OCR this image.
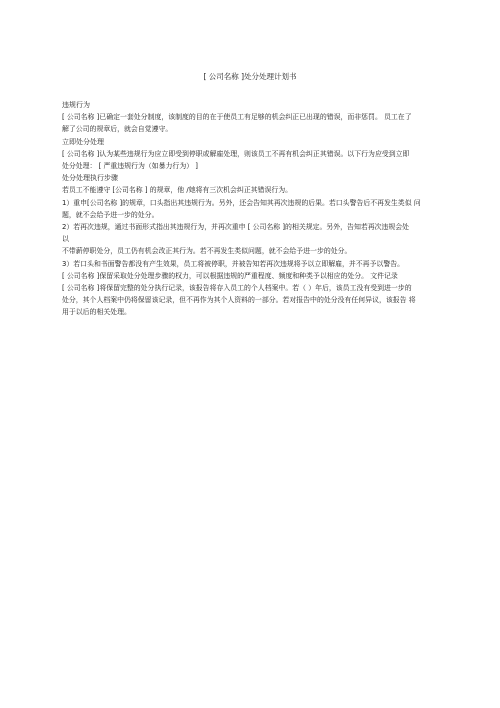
[ 公司名称 ]处分处理计划书
违规行为
[ 公司名称 ]已确定一套处分制度，该制度的目的在于使员工有足够的机会纠正已出现的错误，而非惩罚。 员工在了
解了公司的规章后，就会自觉遵守。
立即处分处理
[ 公司名称 ]认为某些违规行为应立即受到停职或解雇处理，则该员工不再有机会纠正其错误。以下行为应受到立即
处分处理： [ 严重违规行为（如暴力行为） ]
处分处理执行步骤
若员工不能遵守 [公司名称 ] 的规章，他 /她将有三次机会纠正其错误行为。
1）重申[公司名称 ]的规章，口头指出其违规行为。另外，还会告知其再次违规的后果。若口头警告后不再发生类似 问
题，就不会给予进一步的处分。
2）若再次违规，通过书面形式指出其违规行为，并再次重申 [ 公司名称 ]的相关规定。另外，告知若再次违规会处
以
不带薪停职处分，员工仍有机会改正其行为。若不再发生类似问题，就不会给予进一步的处分。
3）若口头和书面警告都没有产生效果，员工将被停职，并被告知若再次违规将予以立即解雇，并不再予以警告。
[ 公司名称 ]保留采取处分处理步骤的权力，可以根据违规的严重程度、频度和种类予以相应的处分。 文件记录
[ 公司名称 ]将保留完整的处分执行记录，该报告将存入员工的个人档案中。若（ ）年后，该员工没有受到进一步的
处分，其个人档案中仍将保留该记录，但不再作为其个人资料的一部分。若对报告中的处分没有任何异议，该报告 将
用于以后的相关处理。
